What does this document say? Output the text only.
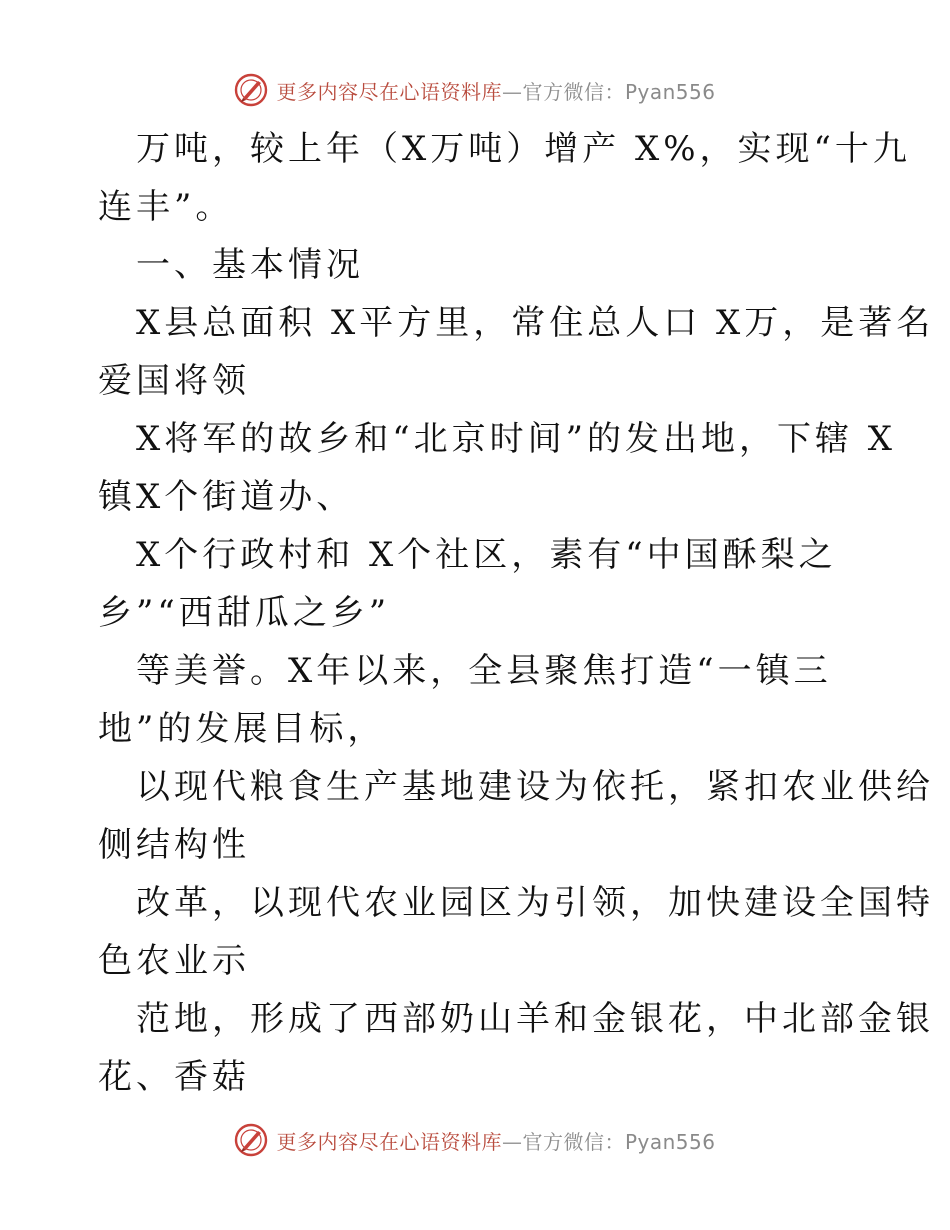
更多内容尽在心语资料库—官方微信：Pyan556
万吨，较上年（X万吨）增产 X%，实现“十九
连丰”。
一、基本情况
X县总面积 X平方里，常住总人口 X万，是著名
爱国将领
X将军的故乡和“北京时间”的发出地，下辖 X
镇X个街道办、
X个行政村和 X个社区，素有“中国酥梨之
乡”“西甜瓜之乡”
等美誉。X年以来，全县聚焦打造“一镇三
地”的发展目标，
以现代粮食生产基地建设为依托，紧扣农业供给
侧结构性
改革，以现代农业园区为引领，加快建设全国特
色农业示
范地，形成了西部奶山羊和金银花，中北部金银
花、香菇
更多内容尽在心语资料库—官方微信：Pyan556
